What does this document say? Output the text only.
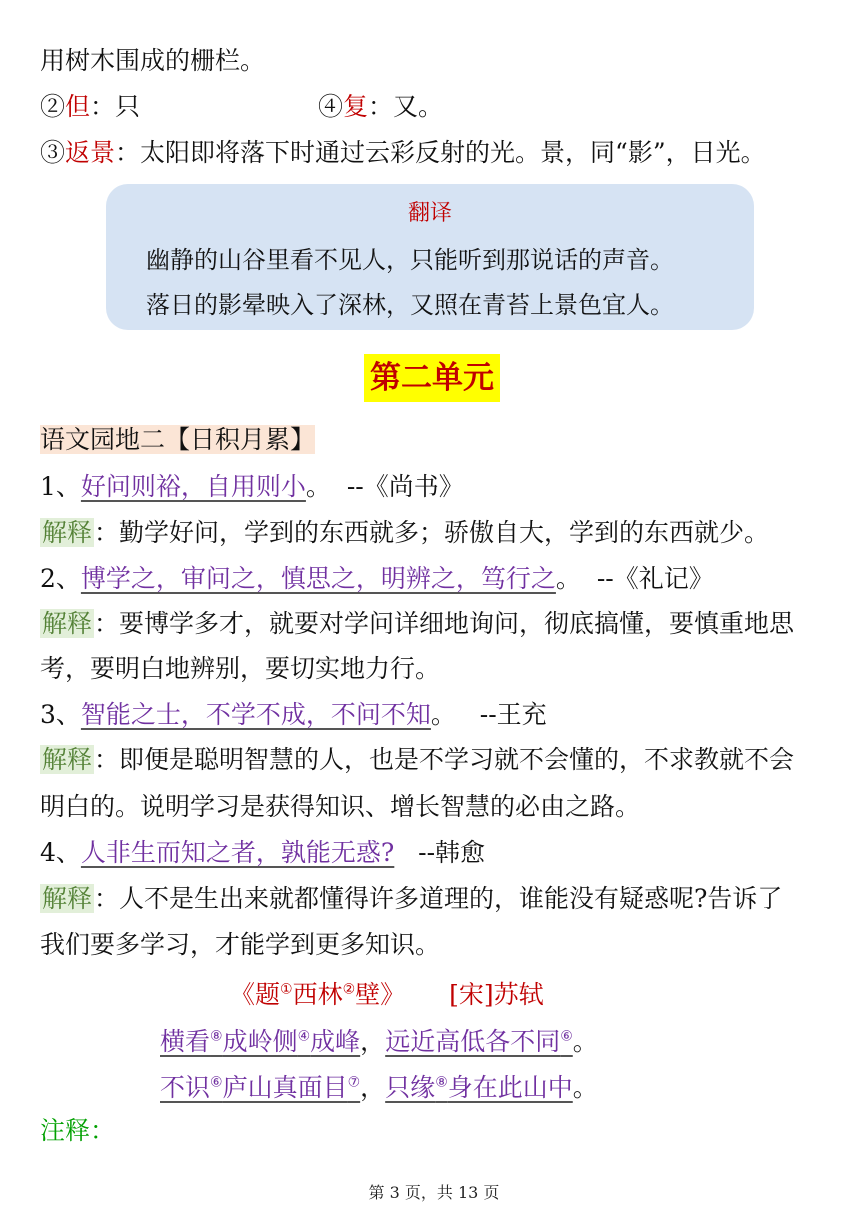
用树木围成的栅栏。
②但：只	④复：又。
③返景：太阳即将落下时通过云彩反射的光。景，同“影”，日光。
翻译
幽静的山谷里看不见人，只能听到那说话的声音。
落日的影晕映入了深林，又照在青苔上景色宜人。
第二单元
语文园地二【日积月累】
1、好问则裕，自用则小。  --《尚书》
解释：勤学好问，学到的东西就多；骄傲自大，学到的东西就少。
2、博学之，审问之，慎思之，明辨之，笃行之。  --《礼记》
解释：要博学多才，就要对学问详细地询问，彻底搞懂，要慎重地思
考，要明白地辨别，要切实地力行。
3、智能之士，不学不成，不问不知。   --王充
解释：即便是聪明智慧的人，也是不学习就不会懂的，不求教就不会
明白的。说明学习是获得知识、增长智慧的必由之路。
4、人非生而知之者，孰能无惑?   --韩愈
解释：人不是生出来就都懂得许多道理的，谁能没有疑惑呢?告诉了
我们要多学习，才能学到更多知识。
《题①西林②壁》 [宋]苏轼
横看⑧成岭侧④成峰，远近高低各不同⑥。
不识⑥庐山真面目⑦，只缘⑧身在此山中。
注释：
第 3 页，共 13 页
